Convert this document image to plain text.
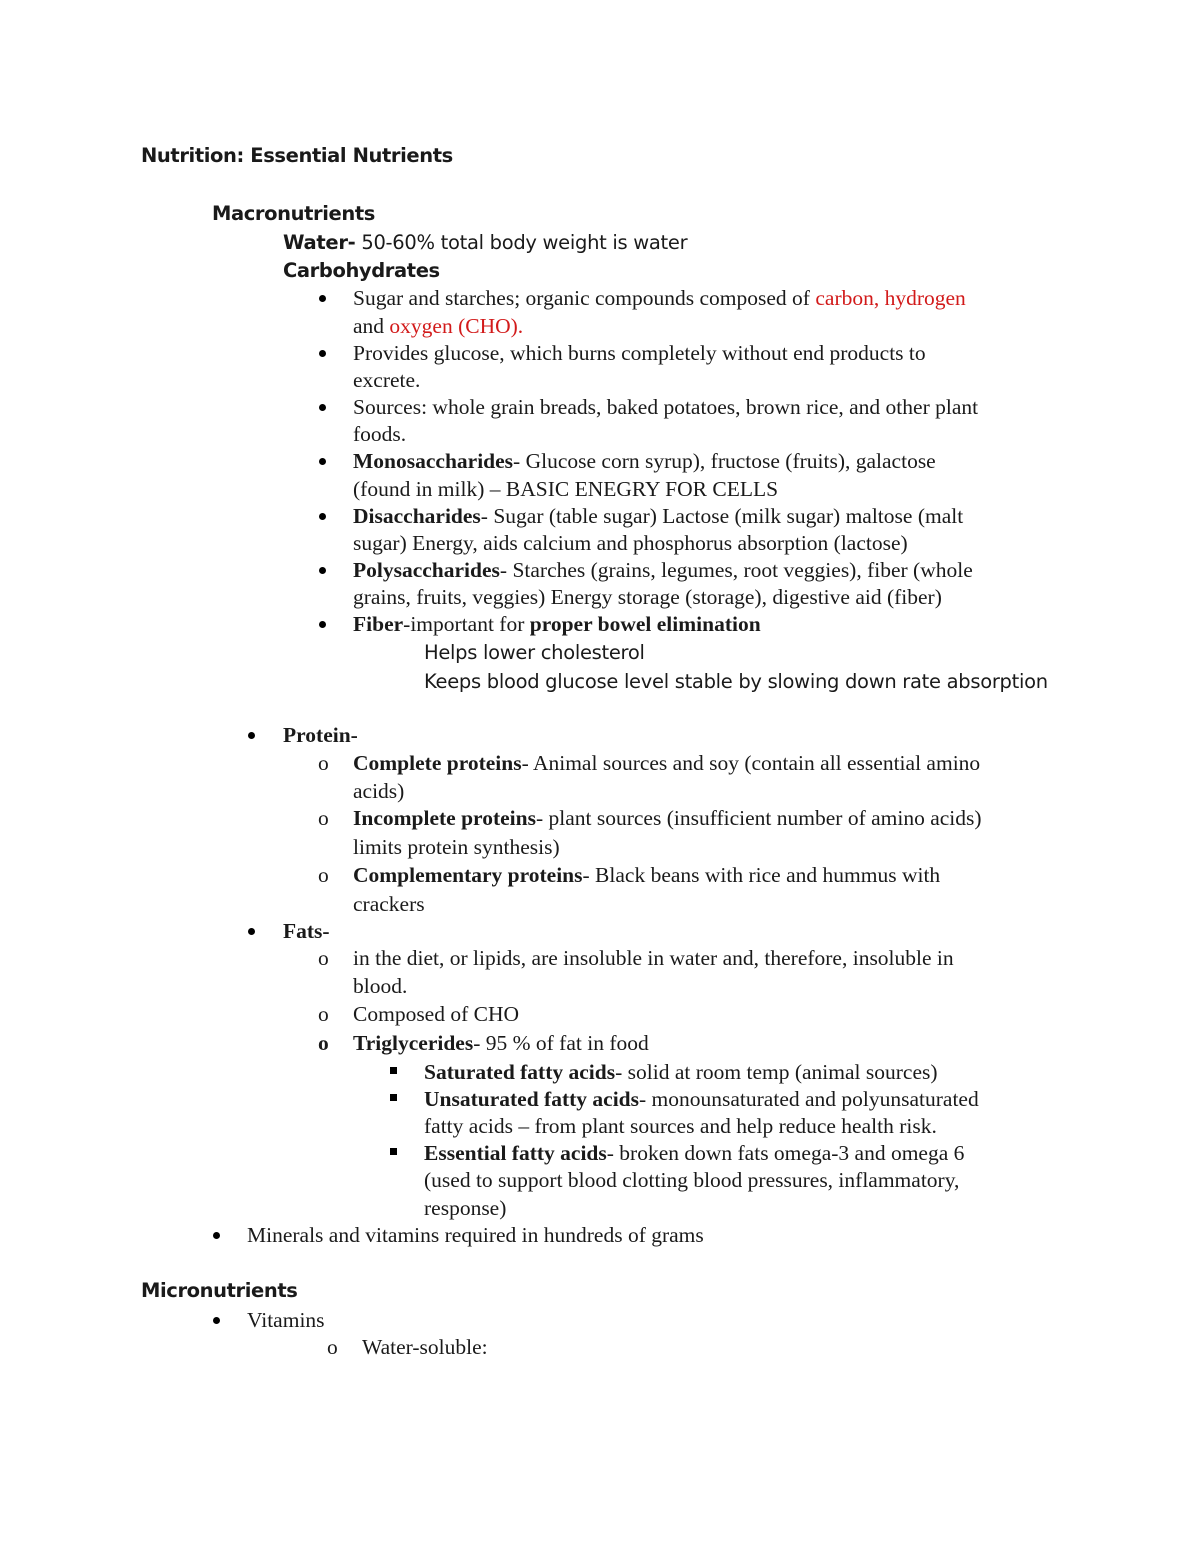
Nutrition: Essential Nutrients
Macronutrients
Water- 50-60% total body weight is water
Carbohydrates
Sugar and starches; organic compounds composed of carbon, hydrogen
and oxygen (CHO).
Provides glucose, which burns completely without end products to
excrete.
Sources: whole grain breads, baked potatoes, brown rice, and other plant
foods.
Monosaccharides- Glucose corn syrup), fructose (fruits), galactose
(found in milk) – BASIC ENEGRY FOR CELLS
Disaccharides- Sugar (table sugar) Lactose (milk sugar) maltose (malt
sugar) Energy, aids calcium and phosphorus absorption (lactose)
Polysaccharides- Starches (grains, legumes, root veggies), fiber (whole
grains, fruits, veggies) Energy storage (storage), digestive aid (fiber)
Fiber-important for proper bowel elimination
Helps lower cholesterol
Keeps blood glucose level stable by slowing down rate absorption
Protein-
o Complete proteins- Animal sources and soy (contain all essential amino
acids)
o Incomplete proteins- plant sources (insufficient number of amino acids)
limits protein synthesis)
o Complementary proteins- Black beans with rice and hummus with
crackers
Fats-
o in the diet, or lipids, are insoluble in water and, therefore, insoluble in
blood.
o Composed of CHO
o Triglycerides- 95 % of fat in food
Saturated fatty acids- solid at room temp (animal sources)
Unsaturated fatty acids- monounsaturated and polyunsaturated
fatty acids – from plant sources and help reduce health risk.
Essential fatty acids- broken down fats omega-3 and omega 6
(used to support blood clotting blood pressures, inflammatory,
response)
Minerals and vitamins required in hundreds of grams
Micronutrients
Vitamins
o Water-soluble:
